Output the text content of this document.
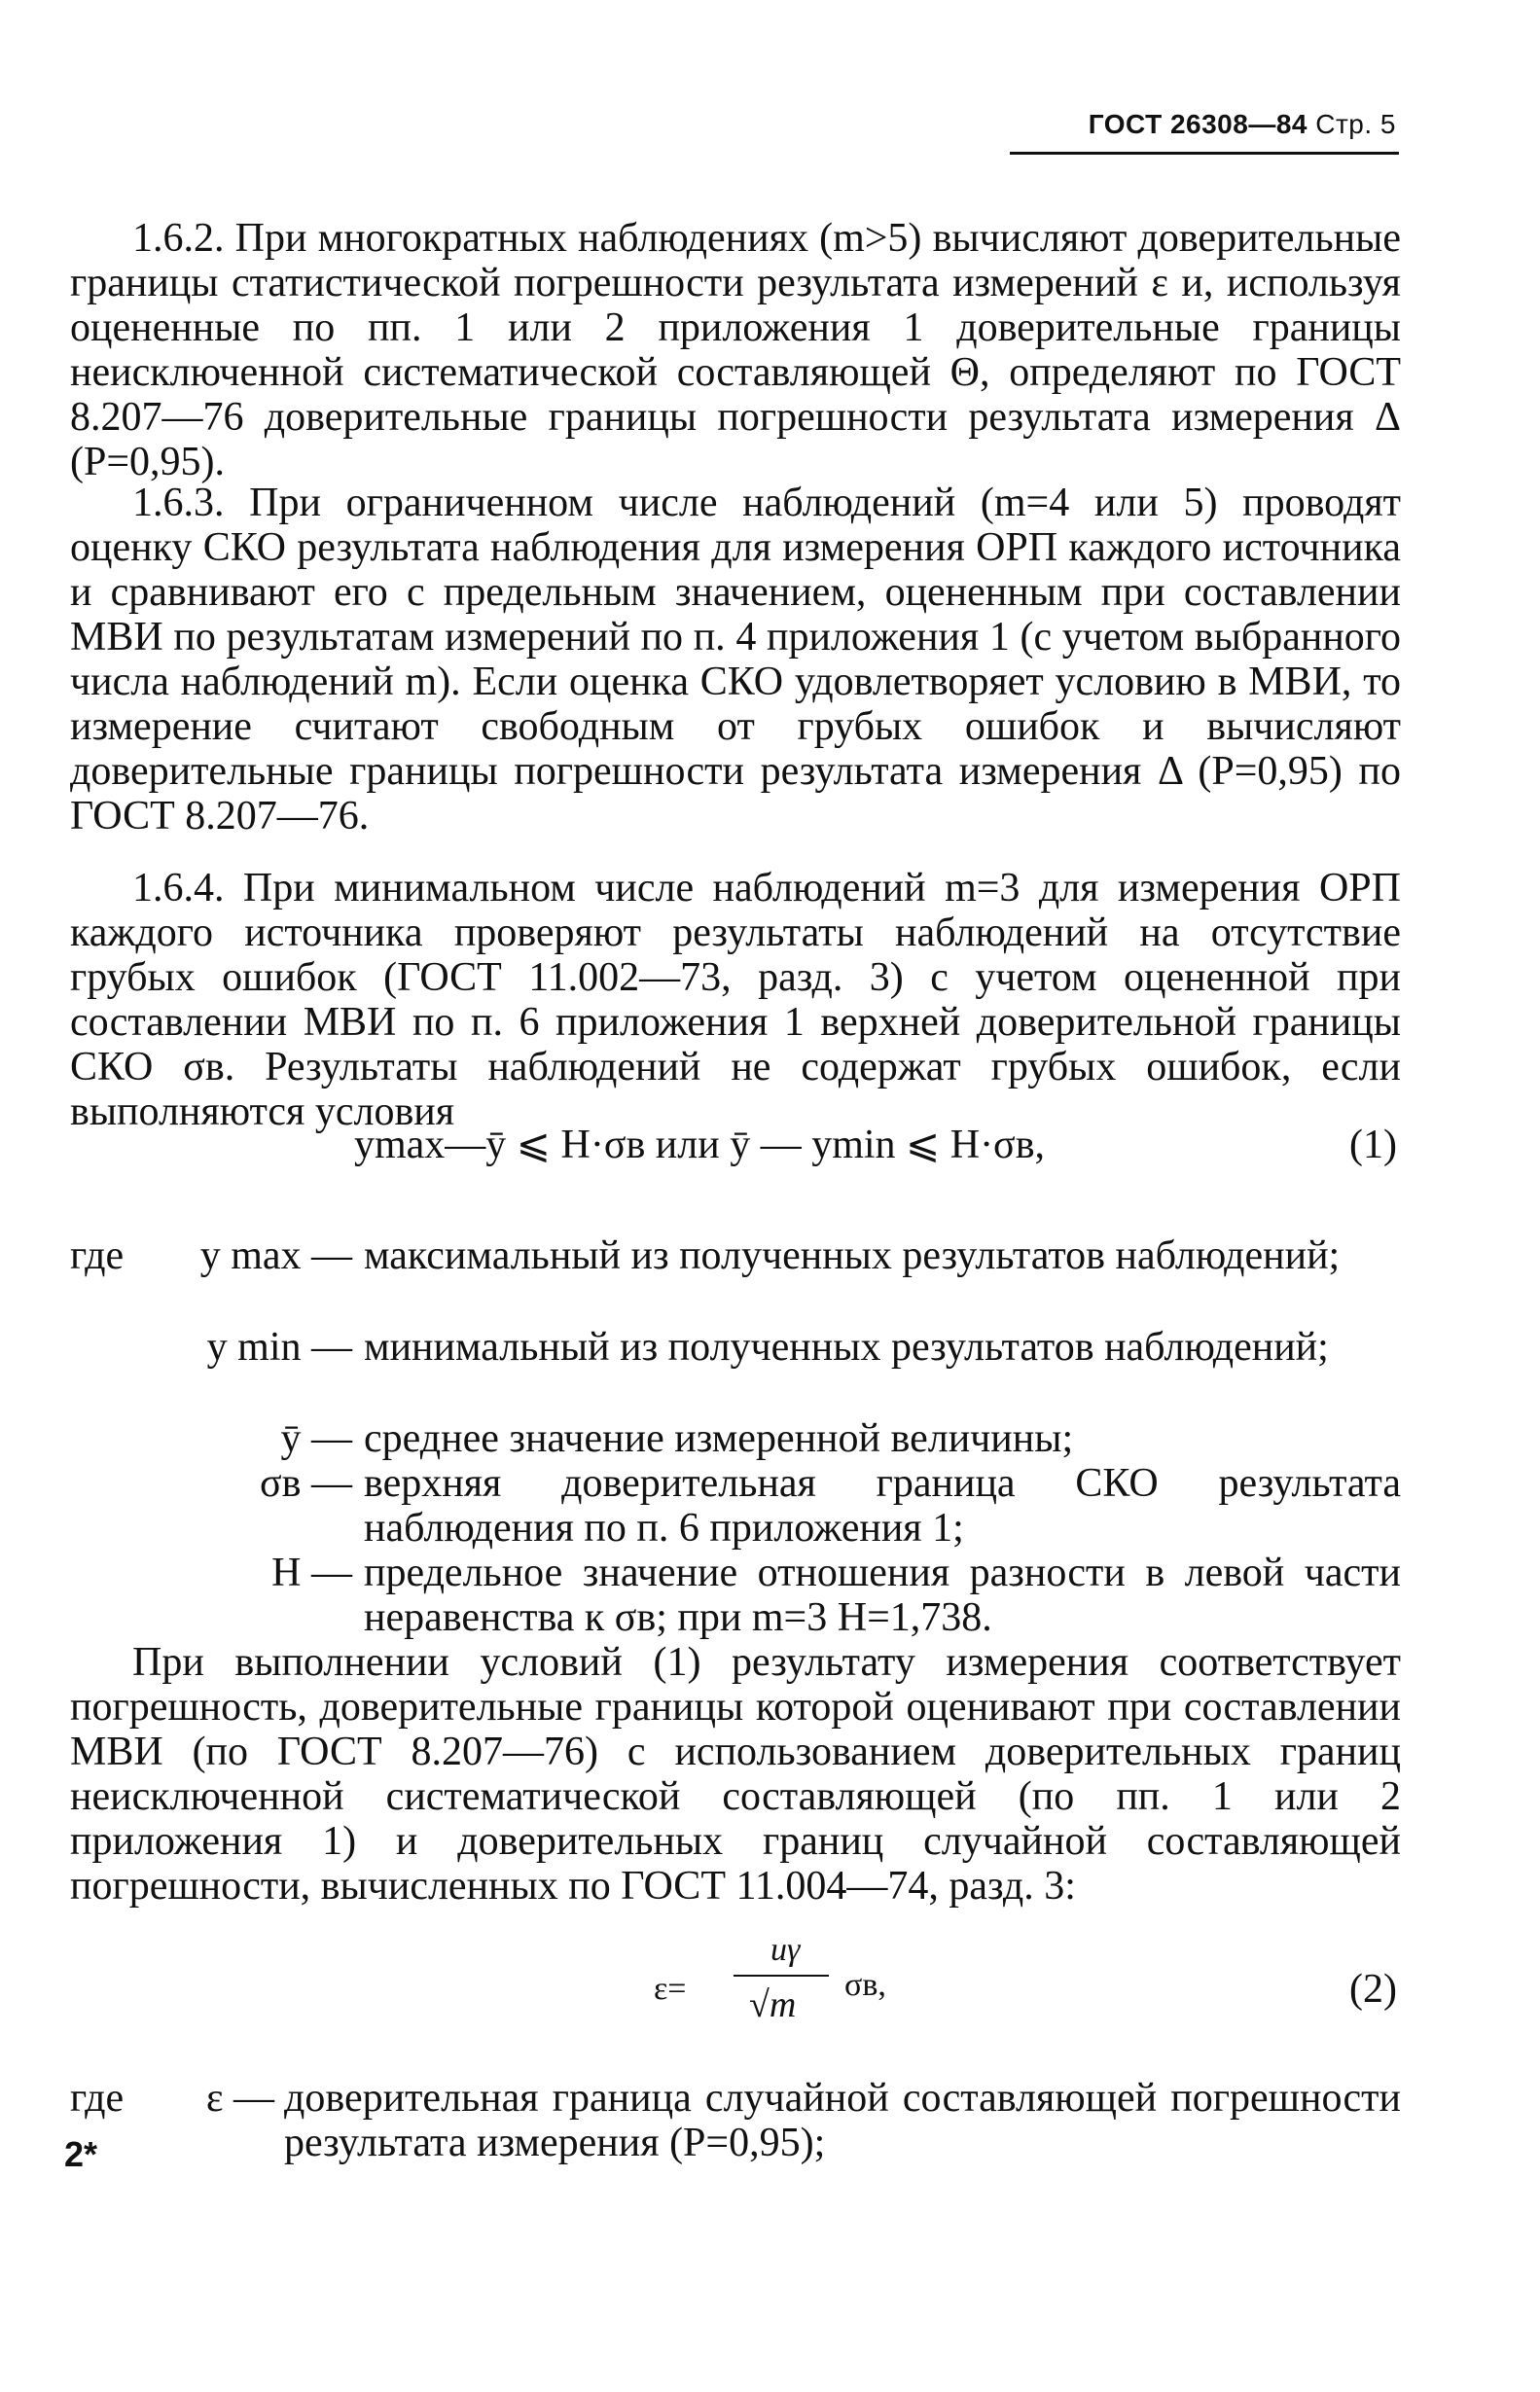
ГОСТ 26308—84 Стр. 5
1.6.2. При многократных наблюдениях (m>5) вычисляют доверительные границы статистической погрешности результата измерений ε и, используя оцененные по пп. 1 или 2 приложения 1 доверительные границы неисключенной систематической составляющей Θ, определяют по ГОСТ 8.207—76 доверительные границы погрешности результата измерения Δ (P=0,95).
1.6.3. При ограниченном числе наблюдений (m=4 или 5) проводят оценку СКО результата наблюдения для измерения ОРП каждого источника и сравнивают его с предельным значением, оцененным при составлении МВИ по результатам измерений по п. 4 приложения 1 (с учетом выбранного числа наблюдений m). Если оценка СКО удовлетворяет условию в МВИ, то измерение считают свободным от грубых ошибок и вычисляют доверительные границы погрешности результата измерения Δ (P=0,95) по ГОСТ 8.207—76.
1.6.4. При минимальном числе наблюдений m=3 для измерения ОРП каждого источника проверяют результаты наблюдений на отсутствие грубых ошибок (ГОСТ 11.002—73, разд. 3) с учетом оцененной при составлении МВИ по п. 6 приложения 1 верхней доверительной границы СКО σв. Результаты наблюдений не содержат грубых ошибок, если выполняются условия
ymax—ȳ ⩽ H·σв или ȳ — ymin ⩽ H·σв,	(1)
где	y max — максимальный из полученных результатов наблюдений;
y min — минимальный из полученных результатов наблюдений;
ȳ — среднее значение измеренной величины;
σв — верхняя доверительная граница СКО результата наблюдения по п. 6 приложения 1;
H — предельное значение отношения разности в левой части неравенства к σв; при m=3 H=1,738.
При выполнении условий (1) результату измерения соответствует погрешность, доверительные границы которой оценивают при составлении МВИ (по ГОСТ 8.207—76) с использованием доверительных границ неисключенной систематической составляющей (по пп. 1 или 2 приложения 1) и доверительных границ случайной составляющей погрешности, вычисленных по ГОСТ 11.004—74, разд. 3:
ε=
uγ
√m σв,	(2)
где	ε — доверительная граница случайной составляющей погрешности результата измерения (P=0,95);
2*
